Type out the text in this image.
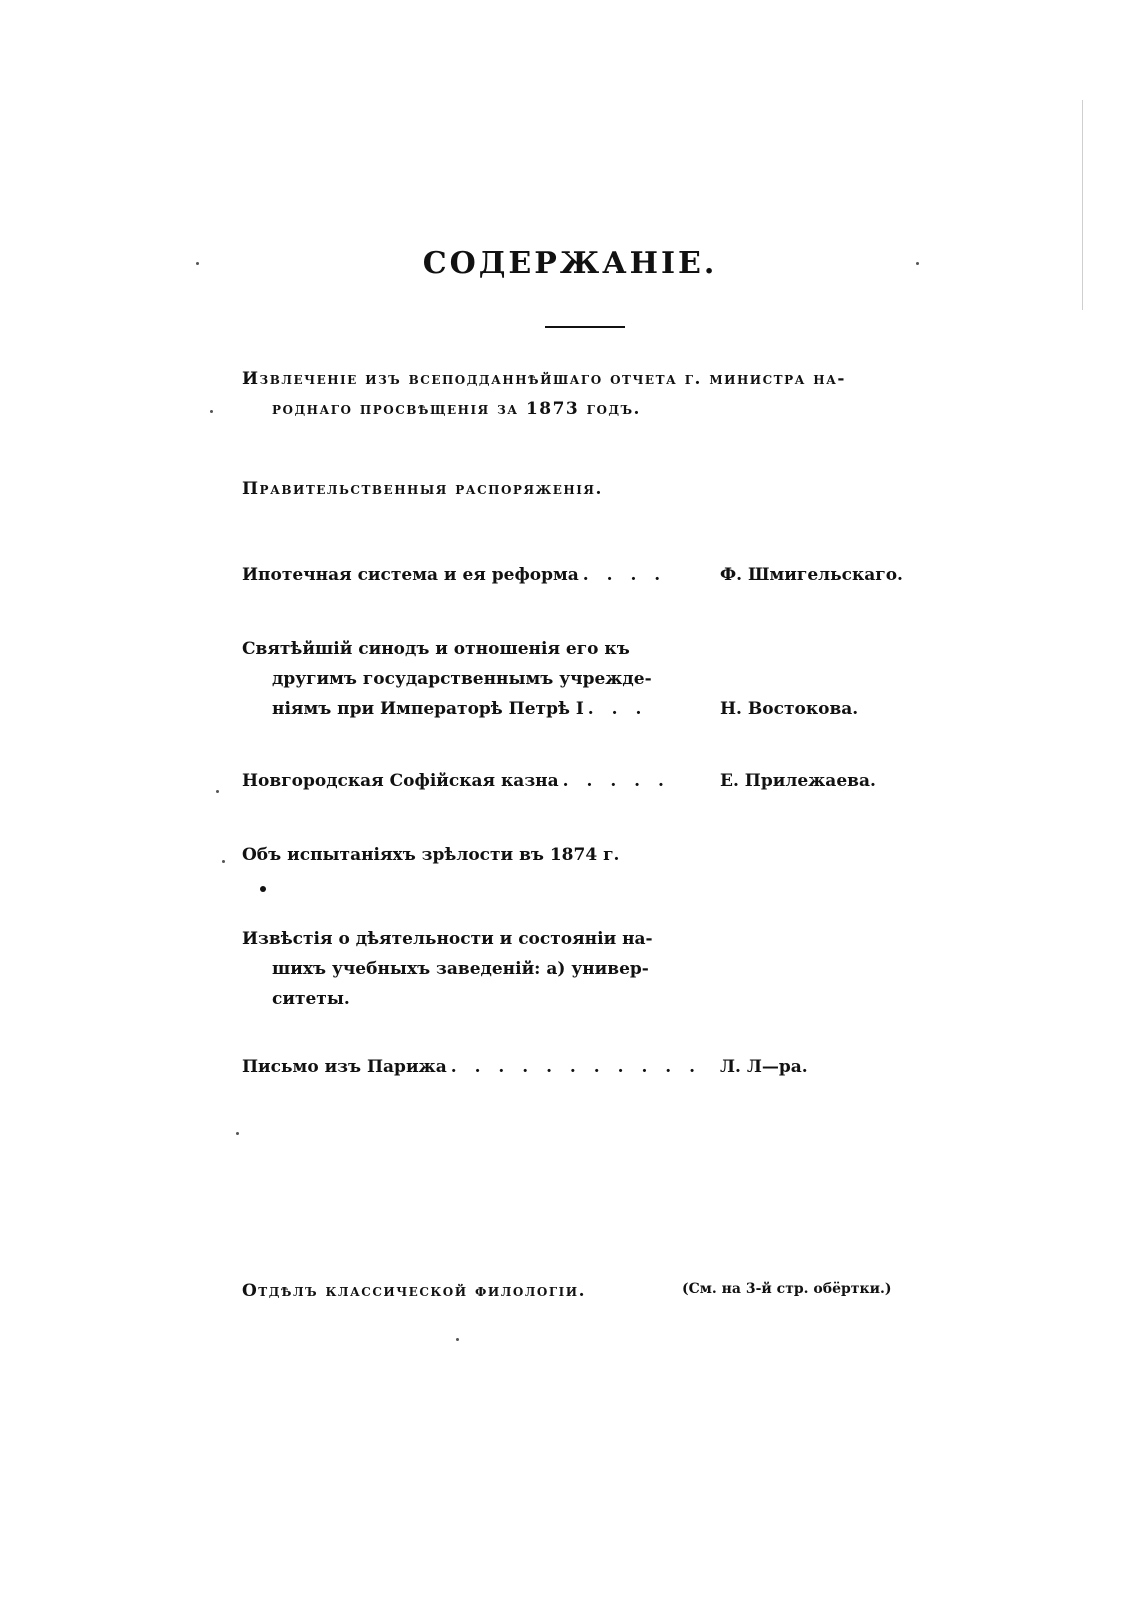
СОДЕРЖАНІЕ.
Извлеченіе изъ всеподданнѣйшаго отчета г. министра на-
роднаго просвѣщенія за 1873 годъ.
Правительственныя распоряженія.
Ипотечная система и ея реформа . . . .	Ф. Шмигельскаго.
Святѣйшій синодъ и отношенія его къ
другимъ государственнымъ учрежде-
ніямъ при Императорѣ Петрѣ I . . .	Н. Востокова.
Новгородская Софійская казна . . . . .	Е. Прилежаева.
Объ испытаніяхъ зрѣлости въ 1874 г.
Извѣстія о дѣятельности и состояніи на-
шихъ учебныхъ заведеній: а) универ-
ситеты.
Письмо изъ Парижа . . . . . . . . . . . Л. Л—ра.
Отдѣлъ классической филологіи.	(См. на 3-й стр. обёртки.)
